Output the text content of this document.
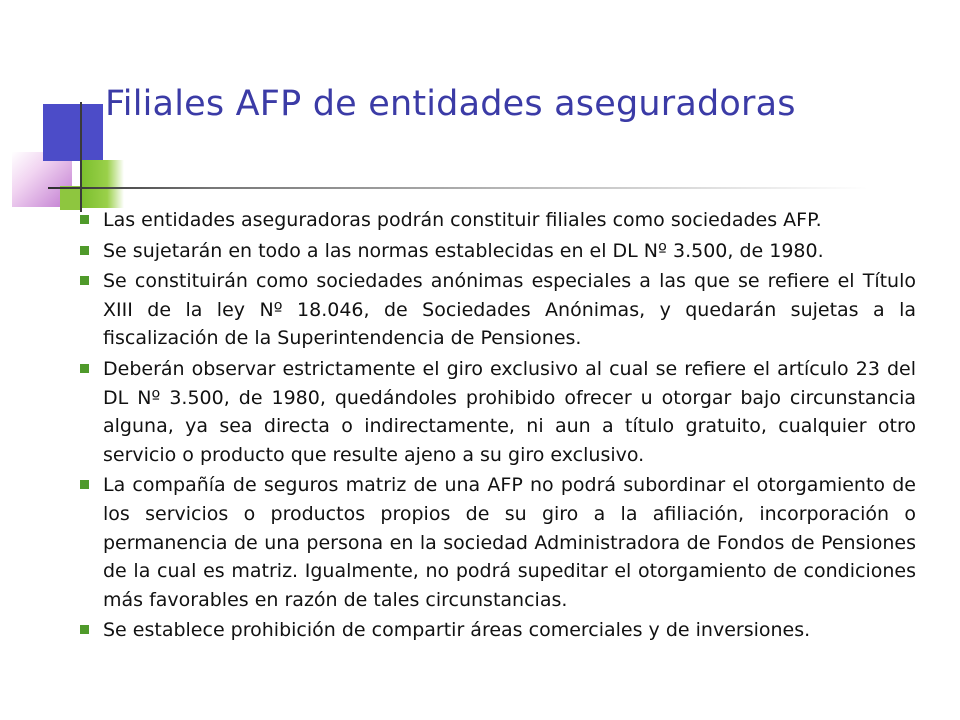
Filiales AFP de entidades aseguradoras
Las entidades aseguradoras podrán constituir filiales como sociedades AFP.
Se sujetarán en todo a las normas establecidas en el DL Nº 3.500, de 1980.
Se constituirán como sociedades anónimas especiales a las que se refiere el Título XIII de la ley Nº 18.046, de Sociedades Anónimas, y quedarán sujetas a la fiscalización de la Superintendencia de Pensiones.
Deberán observar estrictamente el giro exclusivo al cual se refiere el artículo 23 del DL Nº 3.500, de 1980, quedándoles prohibido ofrecer u otorgar bajo circunstancia alguna, ya sea directa o indirectamente, ni aun a título gratuito, cualquier otro servicio o producto que resulte ajeno a su giro exclusivo.
La compañía de seguros matriz de una AFP no podrá subordinar el otorgamiento de los servicios o productos propios de su giro a la afiliación, incorporación o permanencia de una persona en la sociedad Administradora de Fondos de Pensiones de la cual es matriz. Igualmente, no podrá supeditar el otorgamiento de condiciones más favorables en razón de tales circunstancias.
Se establece prohibición de compartir áreas comerciales y de inversiones.
